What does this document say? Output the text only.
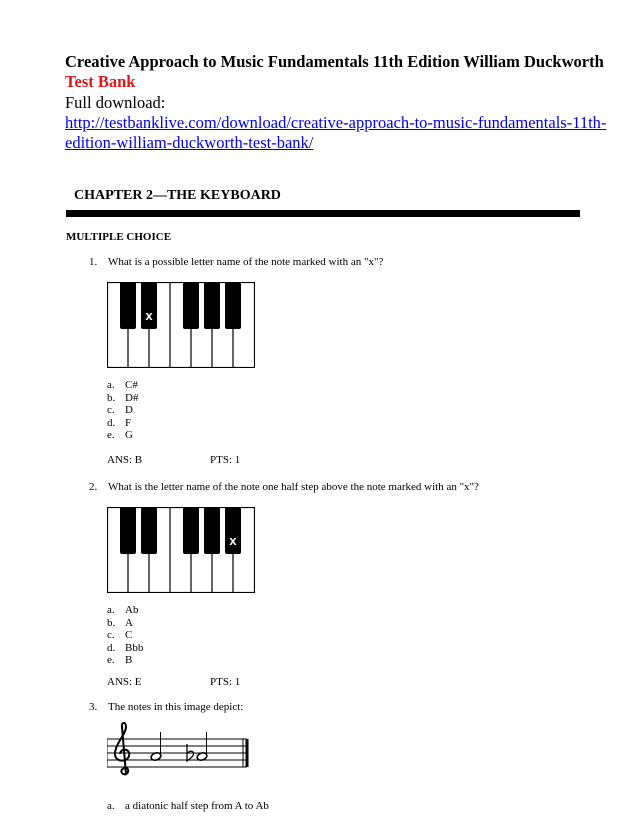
Creative Approach to Music Fundamentals 11th Edition William Duckworth Test Bank
Full download:
http://testbanklive.com/download/creative-approach-to-music-fundamentals-11th-edition-william-duckworth-test-bank/
CHAPTER 2—THE KEYBOARD
MULTIPLE CHOICE
1. What is a possible letter name of the note marked with an "x"?
x
a. C#
b. D#
c. D
d. F
e. G
ANS: B	PTS: 1
2. What is the letter name of the note one half step above the note marked with an "x"?
x
a. Ab
b. A
c. C
d. Bbb
e. B
ANS: E	PTS: 1
3. The notes in this image depict:
a. a diatonic half step from A to Ab
